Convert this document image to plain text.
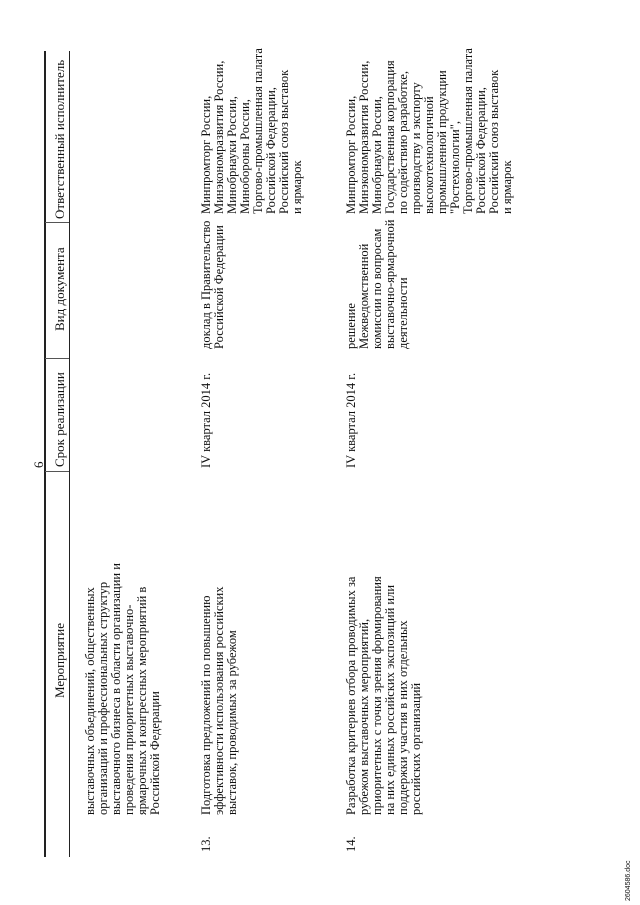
6
Мероприятие
Срок реализации
Вид документа
Ответственный исполнитель
выставочных объединений, общественных
организаций и профессиональных структур
выставочного бизнеса в области организации и
проведения приоритетных выставочно-
ярмарочных и конгрессных мероприятий в
Российской Федерации
13.
Подготовка предложений по повышению
эффективности использования российских
выставок, проводимых за рубежом
IV квартал 2014 г.
доклад в Правительство
Российской Федерации
Минпромторг России,
Минэкономразвития России,
Минобрнауки России,
Минобороны России,
Торгово-промышленная палата
Российской Федерации,
Российский союз выставок
и ярмарок
14.
Разработка критериев отбора проводимых за
рубежом выставочных мероприятий,
приоритетных с точки зрения формирования
на них единых российских экспозиций или
поддержки участия в них отдельных
российских организаций
IV квартал 2014 г.
решение
Межведомственной
комиссии по вопросам
выставочно-ярмарочной
деятельности
Минпромторг России,
Минэкономразвития России,
Минобрнауки России,
Государственная корпорация
по содействию разработке,
производству и экспорту
высокотехнологичной
промышленной продукции
"Ростехнологии",
Торгово-промышленная палата
Российской Федерации,
Российский союз выставок
и ярмарок
2604586.doc
